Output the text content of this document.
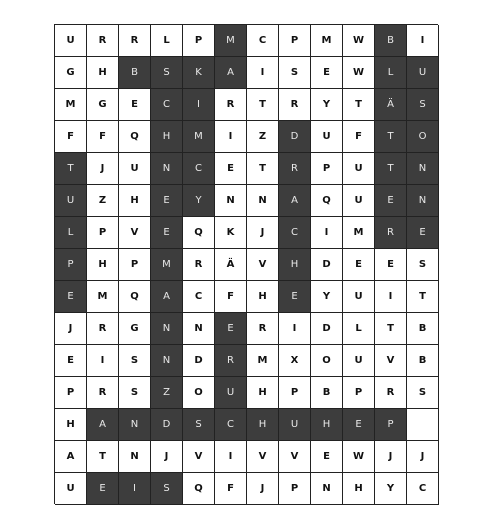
U	R	R	L	P	M	C	P	M	W	B	I
G	H	B	S	K	A	I	S	E	W	L	U
M	G	E	C	I	R	T	R	Y	T	Ä	S
F	F	Q	H	M	I	Z	D	U	F	T	O
T	J	U	N	C	E	T	R	P	U	T	N
U	Z	H	E	Y	N	N	A	Q	U	E	N
L	P	V	E	Q	K	J	C	I	M	R	E
P	H	P	M	R	Ä	V	H	D	E	E	S
E	M	Q	A	C	F	H	E	Y	U	I	T
J	R	G	N	N	E	R	I	D	L	T	B
E	I	S	N	D	R	M	X	O	U	V	B
P	R	S	Z	O	U	H	P	B	P	R	S
H	A	N	D	S	C	H	U	H	E	P
A	T	N	J	V	I	V	V	E	W	J	J
U	E	I	S	Q	F	J	P	N	H	Y	C
